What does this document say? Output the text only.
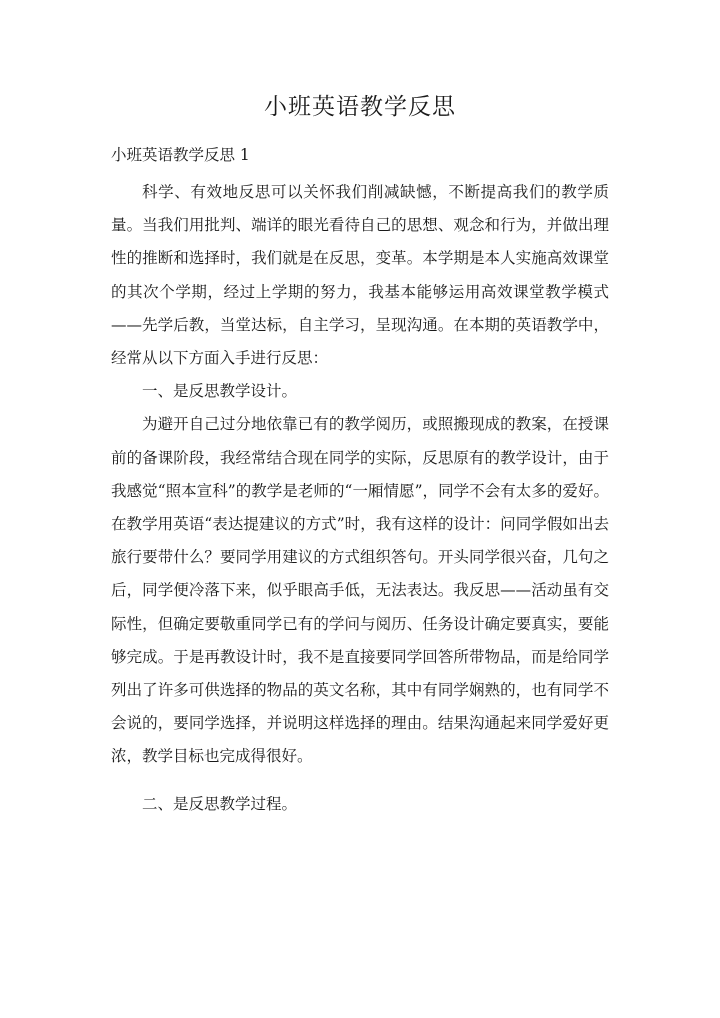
小班英语教学反思
小班英语教学反思 1

科学、有效地反思可以关怀我们削减缺憾，不断提高我们的教学质量。当我们用批判、端详的眼光看待自己的思想、观念和行为，并做出理性的推断和选择时，我们就是在反思，变革。本学期是本人实施高效课堂的其次个学期，经过上学期的努力，我基本能够运用高效课堂教学模式——先学后教，当堂达标，自主学习，呈现沟通。在本期的英语教学中，经常从以下方面入手进行反思：

一、是反思教学设计。

为避开自己过分地依靠已有的教学阅历，或照搬现成的教案，在授课前的备课阶段，我经常结合现在同学的实际，反思原有的教学设计，由于我感觉“照本宣科”的教学是老师的“一厢情愿”，同学不会有太多的爱好。在教学用英语“表达提建议的方式”时，我有这样的设计：问同学假如出去旅行要带什么？要同学用建议的方式组织答句。开头同学很兴奋，几句之后，同学便冷落下来，似乎眼高手低，无法表达。我反思——活动虽有交际性，但确定要敬重同学已有的学问与阅历、任务设计确定要真实，要能够完成。于是再教设计时，我不是直接要同学回答所带物品，而是给同学列出了许多可供选择的物品的英文名称，其中有同学娴熟的，也有同学不会说的，要同学选择，并说明这样选择的理由。结果沟通起来同学爱好更浓，教学目标也完成得很好。

二、是反思教学过程。
